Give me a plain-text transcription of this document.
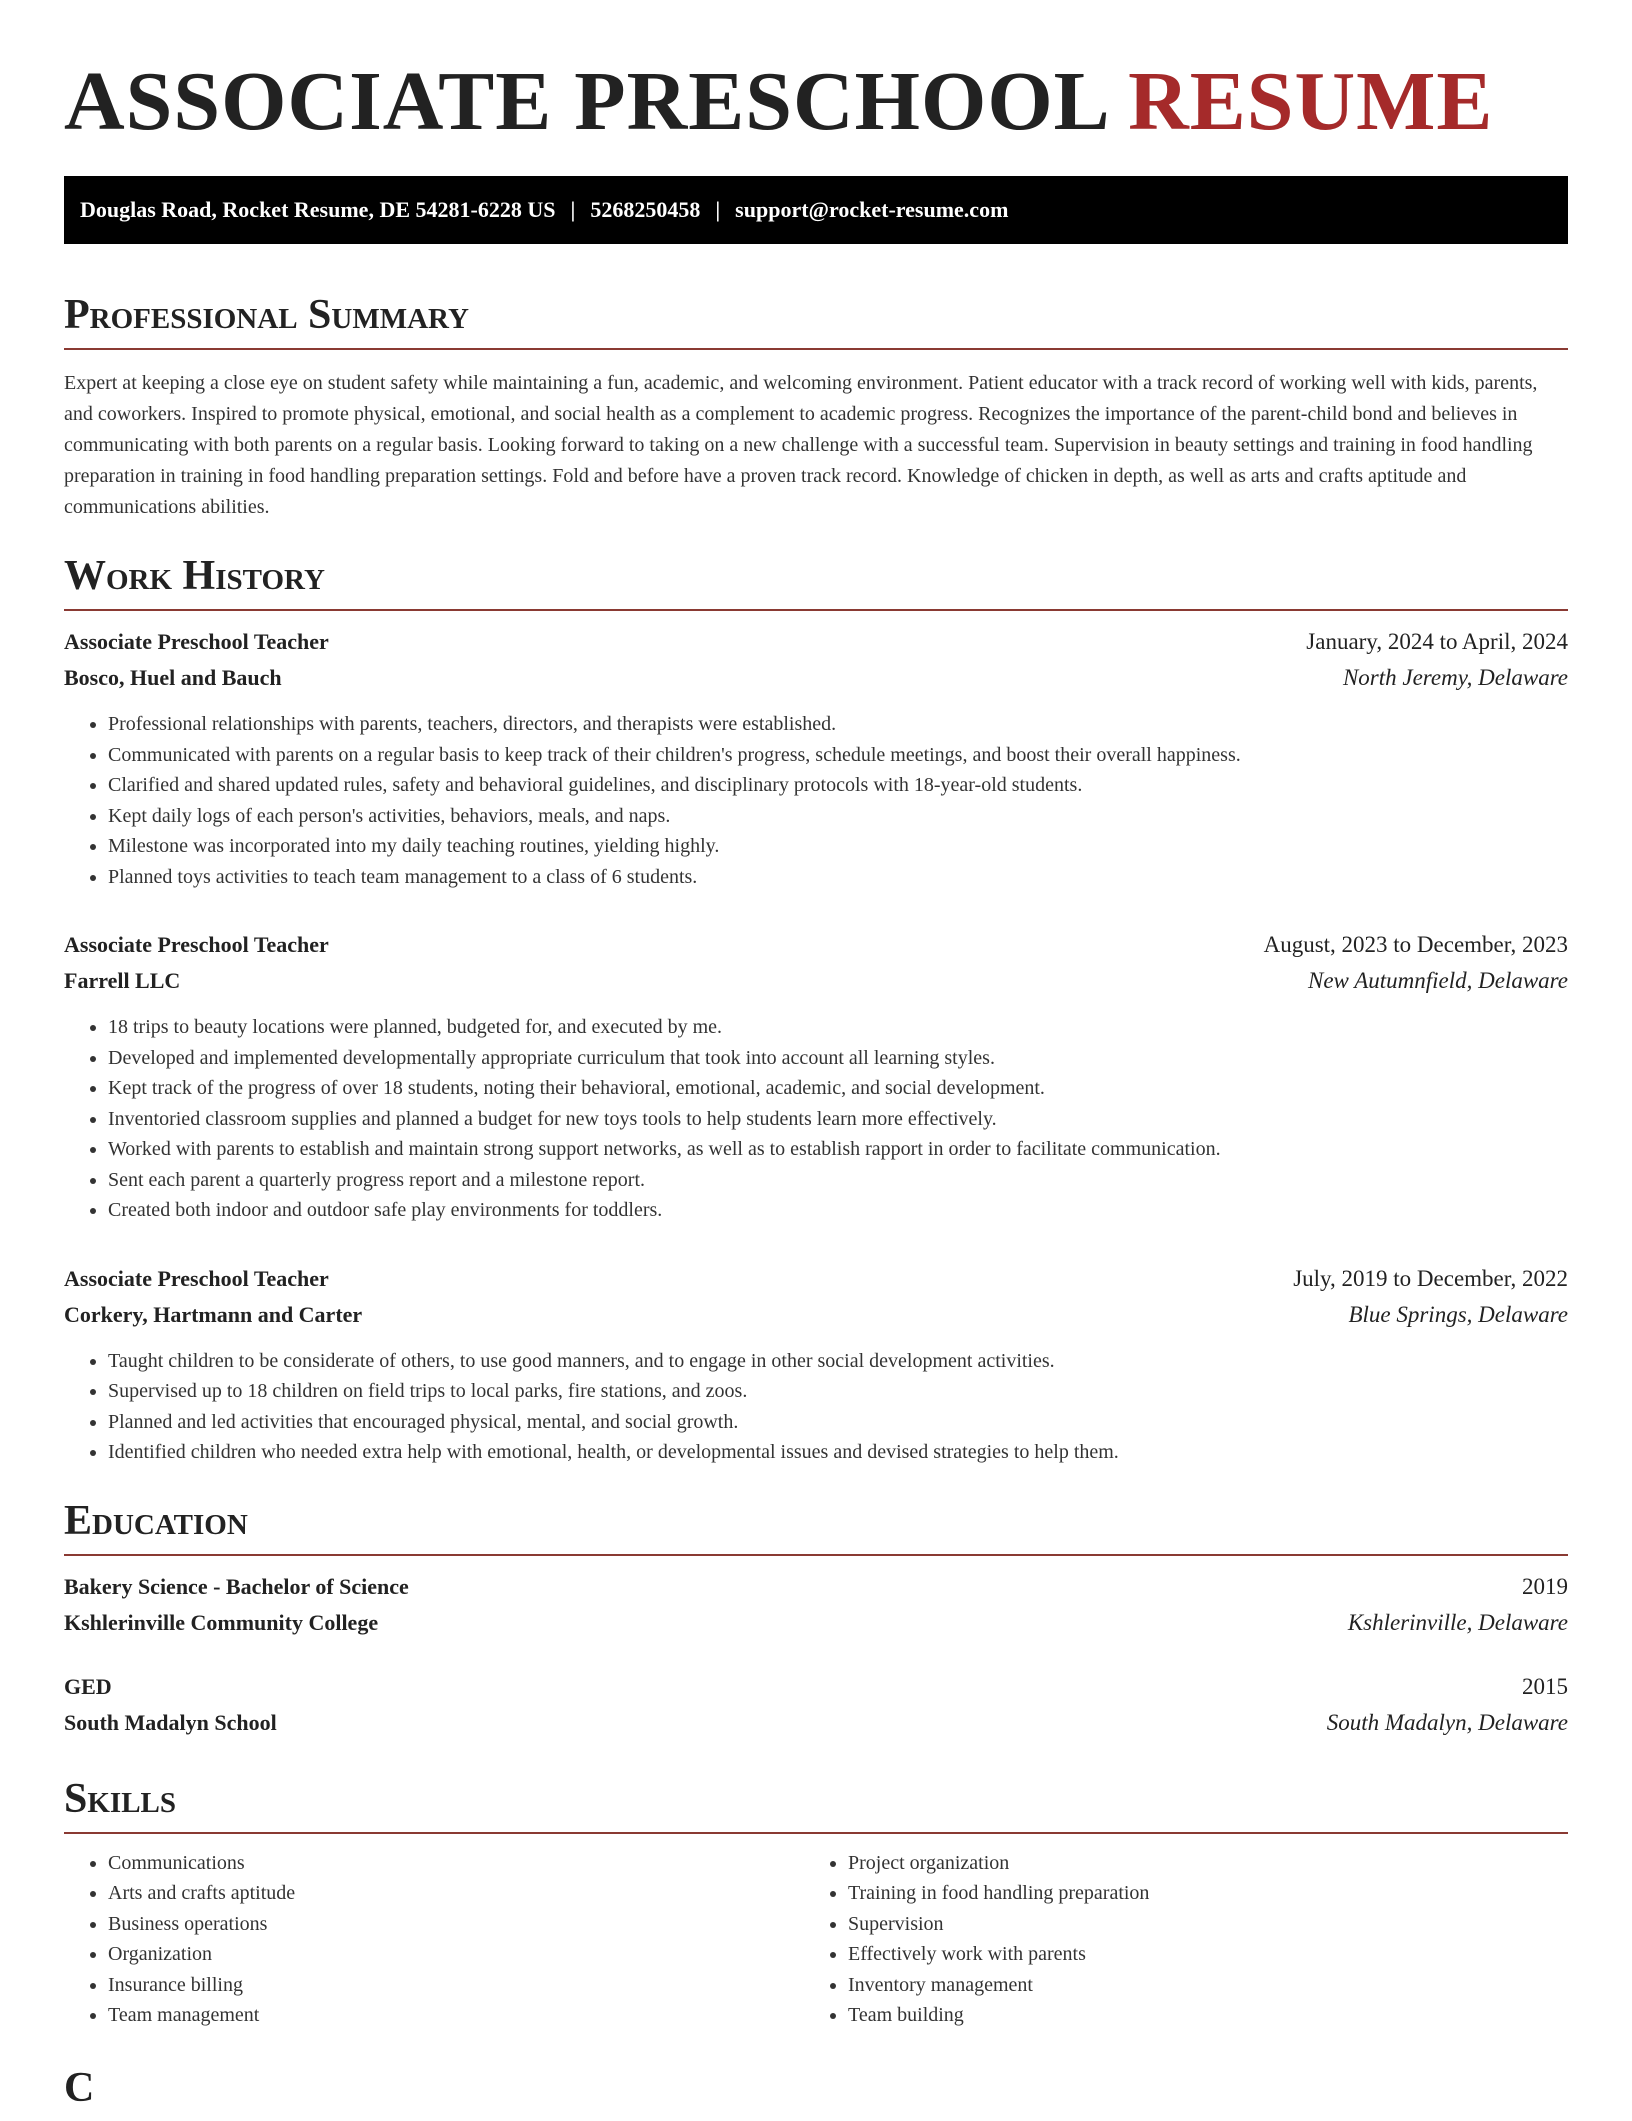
ASSOCIATE PRESCHOOL RESUME
Douglas Road, Rocket Resume, DE 54281-6228 US | 5268250458 | support@rocket-resume.com
Professional Summary

Expert at keeping a close eye on student safety while maintaining a fun, academic, and welcoming environment. Patient educator with a track record of working well with kids, parents, and coworkers. Inspired to promote physical, emotional, and social health as a complement to academic progress. Recognizes the importance of the parent-child bond and believes in communicating with both parents on a regular basis. Looking forward to taking on a new challenge with a successful team. Supervision in beauty settings and training in food handling preparation in training in food handling preparation settings. Fold and before have a proven track record. Knowledge of chicken in depth, as well as arts and crafts aptitude and communications abilities.

Work History
Associate Preschool Teacher	January, 2024 to April, 2024
Bosco, Huel and Bauch	North Jeremy, Delaware
• Professional relationships with parents, teachers, directors, and therapists were established.
• Communicated with parents on a regular basis to keep track of their children's progress, schedule meetings, and boost their overall happiness.
• Clarified and shared updated rules, safety and behavioral guidelines, and disciplinary protocols with 18-year-old students.
• Kept daily logs of each person's activities, behaviors, meals, and naps.
• Milestone was incorporated into my daily teaching routines, yielding highly.
• Planned toys activities to teach team management to a class of 6 students.
Associate Preschool Teacher	August, 2023 to December, 2023
Farrell LLC	New Autumnfield, Delaware
• 18 trips to beauty locations were planned, budgeted for, and executed by me.
• Developed and implemented developmentally appropriate curriculum that took into account all learning styles.
• Kept track of the progress of over 18 students, noting their behavioral, emotional, academic, and social development.
• Inventoried classroom supplies and planned a budget for new toys tools to help students learn more effectively.
• Worked with parents to establish and maintain strong support networks, as well as to establish rapport in order to facilitate communication.
• Sent each parent a quarterly progress report and a milestone report.
• Created both indoor and outdoor safe play environments for toddlers.
Associate Preschool Teacher	July, 2019 to December, 2022
Corkery, Hartmann and Carter	Blue Springs, Delaware
• Taught children to be considerate of others, to use good manners, and to engage in other social development activities.
• Supervised up to 18 children on field trips to local parks, fire stations, and zoos.
• Planned and led activities that encouraged physical, mental, and social growth.
• Identified children who needed extra help with emotional, health, or developmental issues and devised strategies to help them.
Education
Bakery Science - Bachelor of Science	2019
Kshlerinville Community College	Kshlerinville, Delaware
GED	2015
South Madalyn School	South Madalyn, Delaware
Skills
• Communications
• Arts and crafts aptitude
• Business operations
• Organization
• Insurance billing
• Team management
• Project organization
• Training in food handling preparation
• Supervision
• Effectively work with parents
• Inventory management
• Team building
C
